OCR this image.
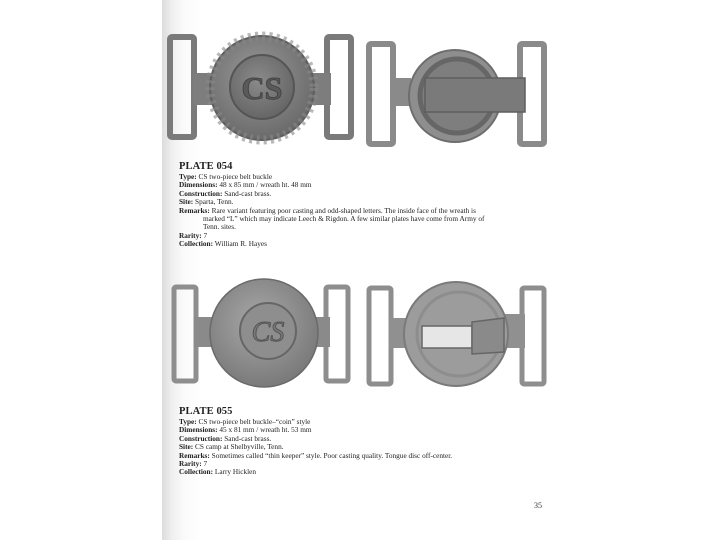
CS
PLATE 054
Type: CS two-piece belt buckle
Dimensions: 48 x 85 mm / wreath ht. 48 mm
Construction: Sand-cast brass.
Site: Sparta, Tenn.
Remarks: Rare variant featuring poor casting and odd-shaped letters. The inside face of the wreath is
marked “L” which may indicate Leech & Rigdon. A few similar plates have come from Army of
Tenn. sites.
Rarity: 7
Collection: William R. Hayes
CS
PLATE 055
Type: CS two-piece belt buckle–“coin” style
Dimensions: 45 x 81 mm / wreath ht. 53 mm
Construction: Sand-cast brass.
Site: CS camp at Shelbyville, Tenn.
Remarks: Sometimes called “thin keeper” style. Poor casting quality. Tongue disc off-center.
Rarity: 7
Collection: Larry Hicklen
35
